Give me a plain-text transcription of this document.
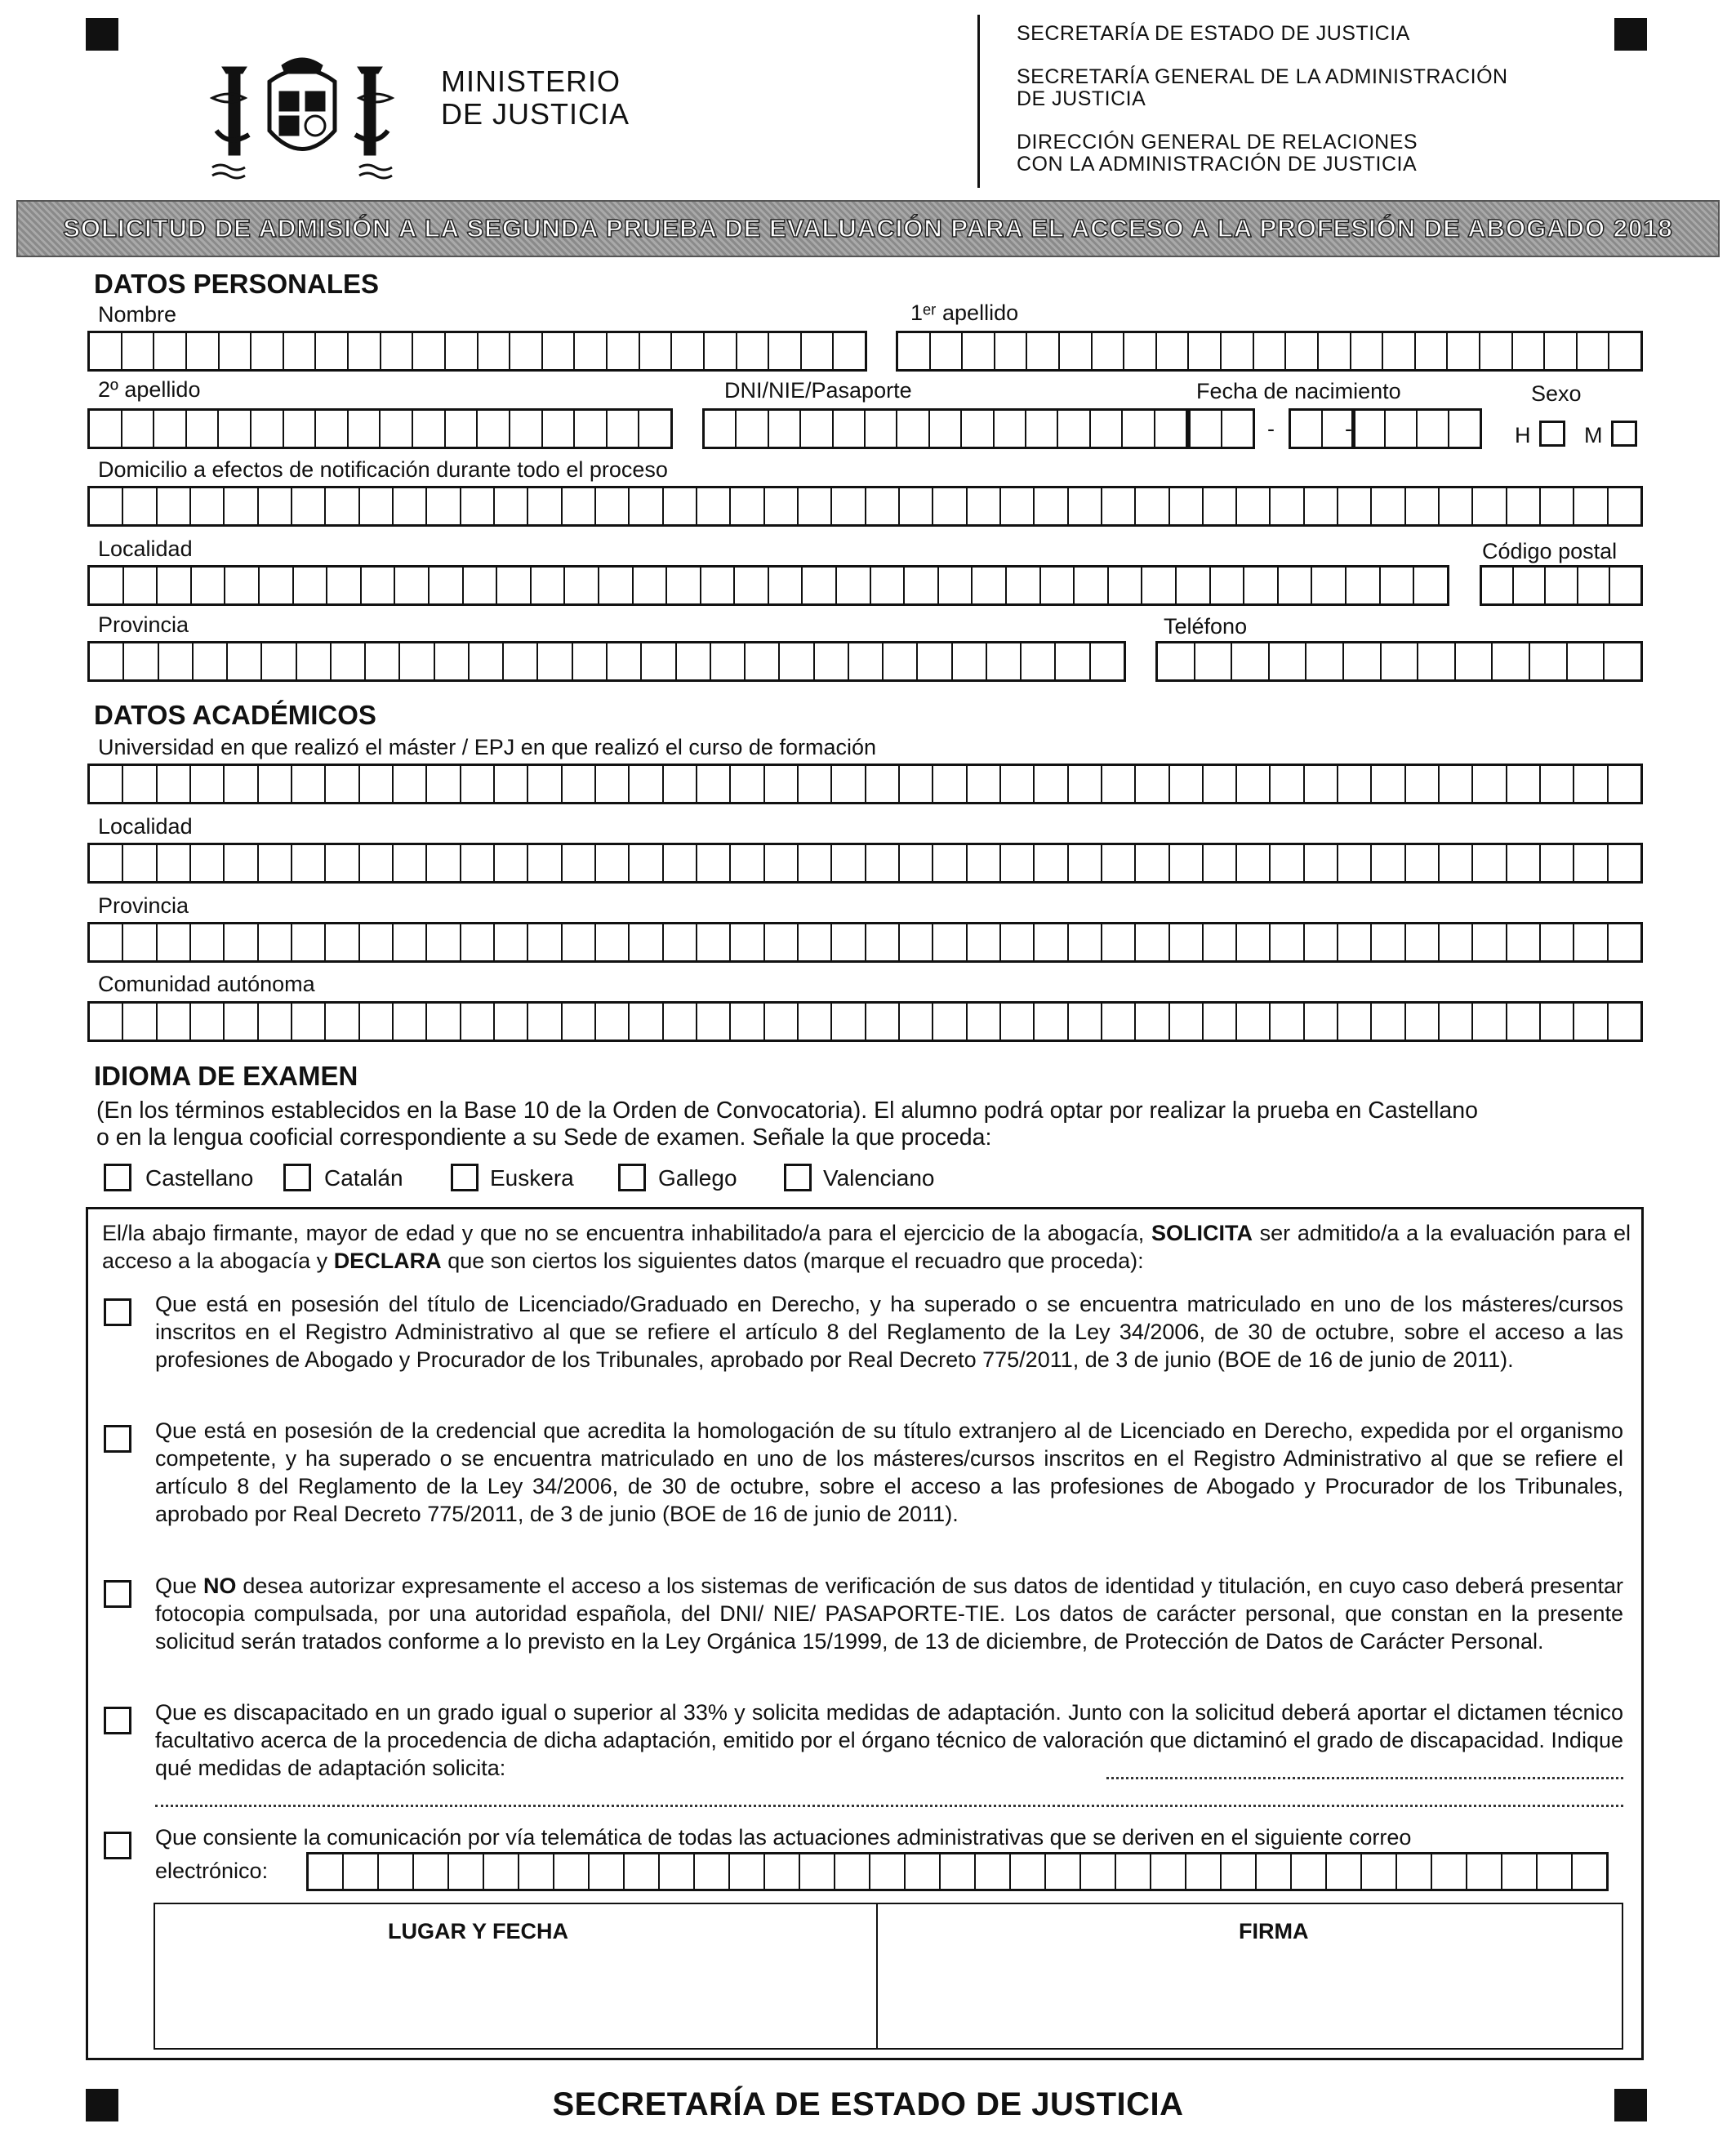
MINISTERIO
DE JUSTICIA
SECRETARÍA DE ESTADO DE JUSTICIA
SECRETARÍA GENERAL DE LA ADMINISTRACIÓN
DE JUSTICIA
DIRECCIÓN GENERAL DE RELACIONES
CON LA ADMINISTRACIÓN DE JUSTICIA
SOLICITUD DE ADMISIÓN A LA SEGUNDA PRUEBA DE EVALUACIÓN PARA EL ACCESO A LA PROFESIÓN DE ABOGADO 2018
DATOS PERSONALES
Nombre	1ᵉʳ apellido
2º apellido	DNI/NIE/Pasaporte	Fecha de nacimiento	Sexo
-	-	H M
Domicilio a efectos de notificación durante todo el proceso
Localidad	Código postal
Provincia	Teléfono
DATOS ACADÉMICOS
Universidad en que realizó el máster / EPJ en que realizó el curso de formación
Localidad
Provincia
Comunidad autónoma
IDIOMA DE EXAMEN
(En los términos establecidos en la Base 10 de la Orden de Convocatoria). El alumno podrá optar por realizar la prueba en Castellano
o en la lengua cooficial correspondiente a su Sede de examen. Señale la que proceda:
Castellano	Catalán	Euskera	Gallego	Valenciano
El/la abajo firmante, mayor de edad y que no se encuentra inhabilitado/a para el ejercicio de la abogacía, SOLICITA ser admitido/a a la evaluación para el acceso a la abogacía y DECLARA que son ciertos los siguientes datos (marque el recuadro que proceda):
Que está en posesión del título de Licenciado/Graduado en Derecho, y ha superado o se encuentra matriculado en uno de los másteres/cursos inscritos en el Registro Administrativo al que se refiere el artículo 8 del Reglamento de la Ley 34/2006, de 30 de octubre, sobre el acceso a las profesiones de Abogado y Procurador de los Tribunales, aprobado por Real Decreto 775/2011, de 3 de junio (BOE de 16 de junio de 2011).
Que está en posesión de la credencial que acredita la homologación de su título extranjero al de Licenciado en Derecho, expedida por el organismo competente, y ha superado o se encuentra matriculado en uno de los másteres/cursos inscritos en el Registro Administrativo al que se refiere el artículo 8 del Reglamento de la Ley 34/2006, de 30 de octubre, sobre el acceso a las profesiones de Abogado y Procurador de los Tribunales, aprobado por Real Decreto 775/2011, de 3 de junio (BOE de 16 de junio de 2011).
Que NO desea autorizar expresamente el acceso a los sistemas de verificación de sus datos de identidad y titulación, en cuyo caso deberá presentar fotocopia compulsada, por una autoridad española, del DNI/ NIE/ PASAPORTE-TIE. Los datos de carácter personal, que constan en la presente solicitud serán tratados conforme a lo previsto en la Ley Orgánica 15/1999, de 13 de diciembre, de Protección de Datos de Carácter Personal.
Que es discapacitado en un grado igual o superior al 33% y solicita medidas de adaptación. Junto con la solicitud deberá aportar el dictamen técnico facultativo acerca de la procedencia de dicha adaptación, emitido por el órgano técnico de valoración que dictaminó el grado de discapacidad. Indique qué medidas de adaptación solicita:
Que consiente la comunicación por vía telemática de todas las actuaciones administrativas que se deriven en el siguiente correo
electrónico:
LUGAR Y FECHA	FIRMA
SECRETARÍA DE ESTADO DE JUSTICIA
